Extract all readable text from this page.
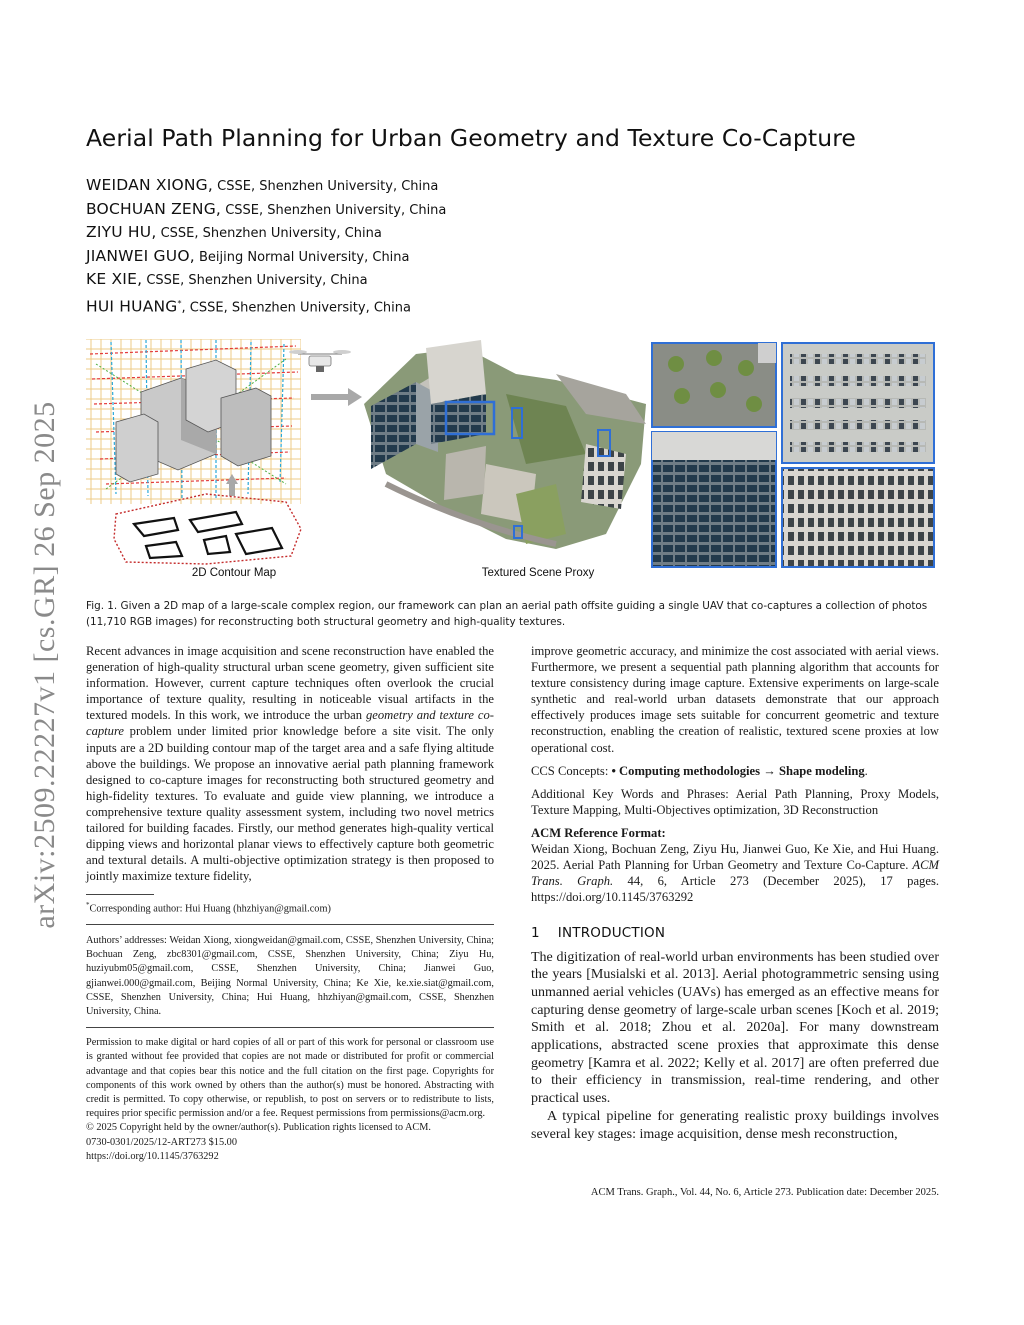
arXiv:2509.22227v1 [cs.GR] 26 Sep 2025
Aerial Path Planning for Urban Geometry and Texture Co-Capture
WEIDAN XIONG, CSSE, Shenzhen University, China
BOCHUAN ZENG, CSSE, Shenzhen University, China
ZIYU HU, CSSE, Shenzhen University, China
JIANWEI GUO, Beijing Normal University, China
KE XIE, CSSE, Shenzhen University, China
HUI HUANG*, CSSE, Shenzhen University, China
2D Contour Map	Textured Scene Proxy

Fig. 1. Given a 2D map of a large-scale complex region, our framework can plan an aerial path offsite guiding a single UAV that co-captures a collection of photos (11,710 RGB images) for reconstructing both structural geometry and high-quality textures.

Recent advances in image acquisition and scene reconstruction have enabled the generation of high-quality structural urban scene geometry, given sufficient site information. However, current capture techniques often overlook the crucial importance of texture quality, resulting in noticeable visual artifacts in the textured models. In this work, we introduce the urban geometry and texture co-capture problem under limited prior knowledge before a site visit. The only inputs are a 2D building contour map of the target area and a safe flying altitude above the buildings. We propose an innovative aerial path planning framework designed to co-capture images for reconstructing both structured geometry and high-fidelity textures. To evaluate and guide view planning, we introduce a comprehensive texture quality assessment system, including two novel metrics tailored for building facades. Firstly, our method generates high-quality vertical dipping views and horizontal planar views to effectively capture both geometric and textural details. A multi-objective optimization strategy is then proposed to jointly maximize texture fidelity,

*Corresponding author: Hui Huang (hhzhiyan@gmail.com)

Authors’ addresses: Weidan Xiong, xiongweidan@gmail.com, CSSE, Shenzhen University, China; Bochuan Zeng, zbc8301@gmail.com, CSSE, Shenzhen University, China; Ziyu Hu, huziyubm05@gmail.com, CSSE, Shenzhen University, China; Jianwei Guo, gjianwei.000@gmail.com, Beijing Normal University, China; Ke Xie, ke.xie.siat@gmail.com, CSSE, Shenzhen University, China; Hui Huang, hhzhiyan@gmail.com, CSSE, Shenzhen University, China.

Permission to make digital or hard copies of all or part of this work for personal or classroom use is granted without fee provided that copies are not made or distributed for profit or commercial advantage and that copies bear this notice and the full citation on the first page. Copyrights for components of this work owned by others than the author(s) must be honored. Abstracting with credit is permitted. To copy otherwise, or republish, to post on servers or to redistribute to lists, requires prior specific permission and/or a fee. Request permissions from permissions@acm.org.

© 2025 Copyright held by the owner/author(s). Publication rights licensed to ACM.

0730-0301/2025/12-ART273 $15.00

https://doi.org/10.1145/3763292

improve geometric accuracy, and minimize the cost associated with aerial views. Furthermore, we present a sequential path planning algorithm that accounts for texture consistency during image capture. Extensive experiments on large-scale synthetic and real-world urban datasets demonstrate that our approach effectively produces image sets suitable for concurrent geometric and texture reconstruction, enabling the creation of realistic, textured scene proxies at low operational cost.

CCS Concepts: • Computing methodologies → Shape modeling.

Additional Key Words and Phrases: Aerial Path Planning, Proxy Models, Texture Mapping, Multi-Objectives optimization, 3D Reconstruction

ACM Reference Format:

Weidan Xiong, Bochuan Zeng, Ziyu Hu, Jianwei Guo, Ke Xie, and Hui Huang. 2025. Aerial Path Planning for Urban Geometry and Texture Co-Capture. ACM Trans. Graph. 44, 6, Article 273 (December 2025), 17 pages. https://doi.org/10.1145/3763292

1 INTRODUCTION

The digitization of real-world urban environments has been studied over the years [Musialski et al. 2013]. Aerial photogrammetric sensing using unmanned aerial vehicles (UAVs) has emerged as an effective means for capturing dense geometry of large-scale urban scenes [Koch et al. 2019; Smith et al. 2018; Zhou et al. 2020a]. For many downstream applications, abstracted scene proxies that approximate this dense geometry [Kamra et al. 2022; Kelly et al. 2017] are often preferred due to their efficiency in transmission, real-time rendering, and other practical uses.

A typical pipeline for generating realistic proxy buildings involves several key stages: image acquisition, dense mesh reconstruction,

ACM Trans. Graph., Vol. 44, No. 6, Article 273. Publication date: December 2025.
